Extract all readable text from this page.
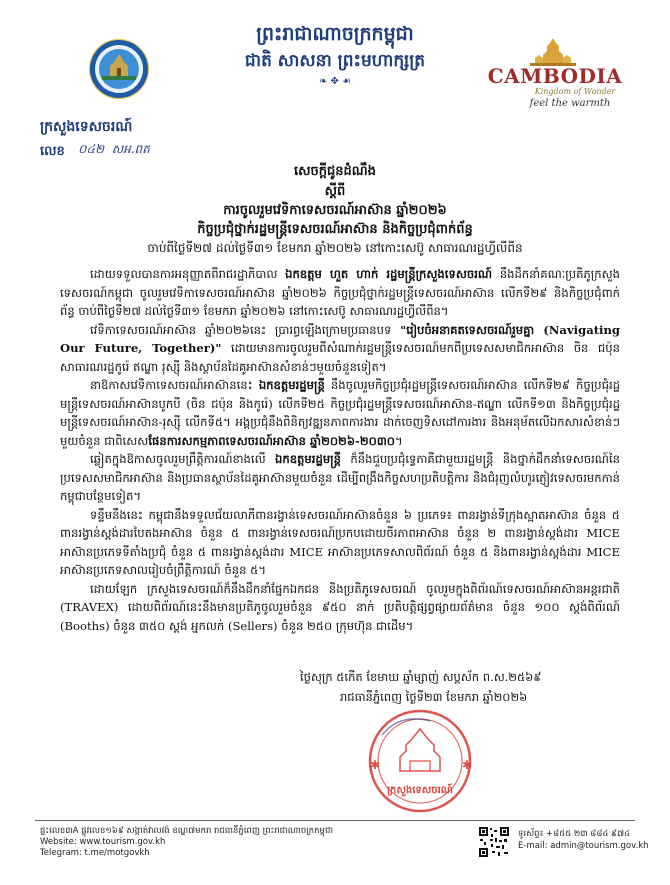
ព្រះរាជាណាចក្រកម្ពុជា
ជាតិ សាសនា ព្រះមហាក្សត្រ
❧ ✥ ☙	CAMBODIA
Kingdom of Wonder
feel the warmth
ក្រសួងទេសចរណ៍
លេខ ០៤២ ​ សអ.ពត
សេចក្តីជូនដំណឹង
ស្តីពី
ការចូលរួមវេទិកាទេសចរណ៍អាស៊ាន ឆ្នាំ២០២៦
កិច្ចប្រជុំថ្នាក់រដ្ឋមន្ត្រីទេសចរណ៍អាស៊ាន និងកិច្ចប្រជុំពាក់ព័ន្ធ
ចាប់ពីថ្ងៃទី២៧ ដល់ថ្ងៃទី៣១ ខែមករា ឆ្នាំ២០២៦ នៅកោះសេប៊ូ សាធារណរដ្ឋហ្វីលីពីន

ដោយទទួលបានការអនុញ្ញាតពីរាជរដ្ឋាភិបាល ឯកឧត្តម ហួត ហាក់ រដ្ឋមន្ត្រីក្រសួងទេសចរណ៍ នឹងដឹកនាំគណៈប្រតិភូក្រសួងទេសចរណ៍កម្ពុជា ចូលរួមវេទិកាទេសចរណ៍អាស៊ាន ឆ្នាំ២០២៦ កិច្ចប្រជុំថ្នាក់រដ្ឋមន្ត្រីទេសចរណ៍អាស៊ាន លើកទី២៩ និងកិច្ចប្រជុំពាក់ព័ន្ធ ចាប់ពីថ្ងៃទី២៧ ដល់ថ្ងៃទី៣១ ខែមករា ឆ្នាំ២០២៦ នៅកោះសេប៊ូ សាធារណរដ្ឋហ្វីលីពីន។

វេទិកាទេសចរណ៍អាស៊ាន ឆ្នាំ២០២៦នេះ ប្រារព្ធឡើងក្រោមប្រធានបទ "រៀបចំអនាគតទេសចរណ៍រួមគ្នា (Navigating Our Future, Together)" ដោយមានការចូលរួមពីសំណាក់រដ្ឋមន្ត្រីទេសចរណ៍មកពីប្រទេសសមាជិកអាស៊ាន ចិន ជប៉ុន សាធារណរដ្ឋកូរ៉េ ឥណ្ឌា រុស្ស៊ី និងស្ថាប័នដៃគូអាស៊ានសំខាន់ៗមួយចំនួនទៀត។

នាឱកាសវេទិកាទេសចរណ៍អាស៊ាននេះ ឯកឧត្តមរដ្ឋមន្ត្រី នឹងចូលរួមកិច្ចប្រជុំរដ្ឋមន្ត្រីទេសចរណ៍អាស៊ាន លើកទី២៩ កិច្ចប្រជុំរដ្ឋមន្ត្រីទេសចរណ៍អាស៊ានបូកបី (ចិន ជប៉ុន និងកូរ៉េ) លើកទី២៥ កិច្ចប្រជុំរដ្ឋមន្ត្រីទេសចរណ៍អាស៊ាន-ឥណ្ឌា លើកទី១៣ និងកិច្ចប្រជុំរដ្ឋមន្ត្រីទេសចរណ៍អាស៊ាន-រុស្ស៊ី លើកទី៥។ អង្គប្រជុំនឹងពិនិត្យវឌ្ឍនភាពការងារ ដាក់ចេញទិសដៅការងារ និងអនុម័តលើឯកសារសំខាន់ៗមួយចំនួន ជាពិសេសផែនការសកម្មភាពទេសចរណ៍អាស៊ាន ឆ្នាំ២០២៦-២០៣០។

ឆ្លៀតក្នុងឱកាសចូលរួមព្រឹត្តិការណ៍ខាងលើ ឯកឧត្តមរដ្ឋមន្ត្រី ក៏នឹងជួបប្រជុំទ្វេភាគីជាមួយរដ្ឋមន្ត្រី និងថ្នាក់ដឹកនាំទេសចរណ៍នៃប្រទេសសមាជិកអាស៊ាន និងប្រធានស្ថាប័នដៃគូអាស៊ានមួយចំនួន ដើម្បីពង្រឹងកិច្ចសហប្រតិបត្តិការ និងជំរុញលំហូរភ្ញៀវទេសចរមកកាន់កម្ពុជាបន្ថែមទៀត។

ទន្ទឹមនឹងនេះ កម្ពុជានឹងទទួលជ័យលាភីពានរង្វាន់ទេសចរណ៍អាស៊ានចំនួន ៦ ប្រភេទ៖ ពានរង្វាន់ទីក្រុងស្អាតអាស៊ាន ចំនួន ៥ ពានរង្វាន់ស្តង់ដារបៃតងអាស៊ាន ចំនួន ៥ ពានរង្វាន់ទេសចរណ៍ប្រកបដោយចីរភាពអាស៊ាន ចំនួន ២ ពានរង្វាន់ស្តង់ដារ MICE អាស៊ានប្រភេទទីតាំងប្រជុំ ចំនួន ៥ ពានរង្វាន់ស្តង់ដារ MICE អាស៊ានប្រភេទសាលពិព័រណ៍ ចំនួន ៥ និងពានរង្វាន់ស្តង់ដារ MICE អាស៊ានប្រភេទសាលរៀបចំព្រឹត្តិការណ៍ ចំនួន ៥។

ដោយឡែក ក្រសួងទេសចរណ៍ក៏នឹងដឹកនាំផ្នែកឯកជន និងប្រតិភូទេសចរណ៍ ចូលរួមក្នុងពិព័រណ៍ទេសចរណ៍អាស៊ានអន្តរជាតិ (TRAVEX) ដោយពិព័រណ៍នេះនឹងមានប្រតិភូចូលរួមចំនួន ៩៥០ នាក់ ប្រតិបត្តិផ្សព្វផ្សាយព័ត៌មាន ចំនួន ១០០ ស្តង់ពិព័រណ៍ (Booths) ចំនួន ៣៥០ ស្តង់ អ្នកលក់ (Sellers) ចំនួន ២៥០ ក្រុមហ៊ុន ជាដើម។

ថ្ងៃសុក្រ ៥កើត ខែមាឃ ឆ្នាំម្សាញ់ សប្តស័ក ព.ស.២៥៦៩
រាជធានីភ្នំពេញ ថ្ងៃទី២៣ ខែមករា ឆ្នាំ២០២៦
✱	✱
ក្រសួងទេសចរណ៍
ផ្ទះលេខ៣A ផ្លូវលេខ១៦៩ សង្កាត់វាលវង់ ខណ្ឌ៧មករា រាជធានីភ្នំពេញ ព្រះរាជាណាចក្រកម្ពុជា
Website: www.tourism.gov.kh
Telegram: t.me/motgovkh
ទូរស័ព្ទ៖ +៨៥៥ ២៣ ៨៨៤ ៩៧៤
E-mail: admin@tourism.gov.kh
